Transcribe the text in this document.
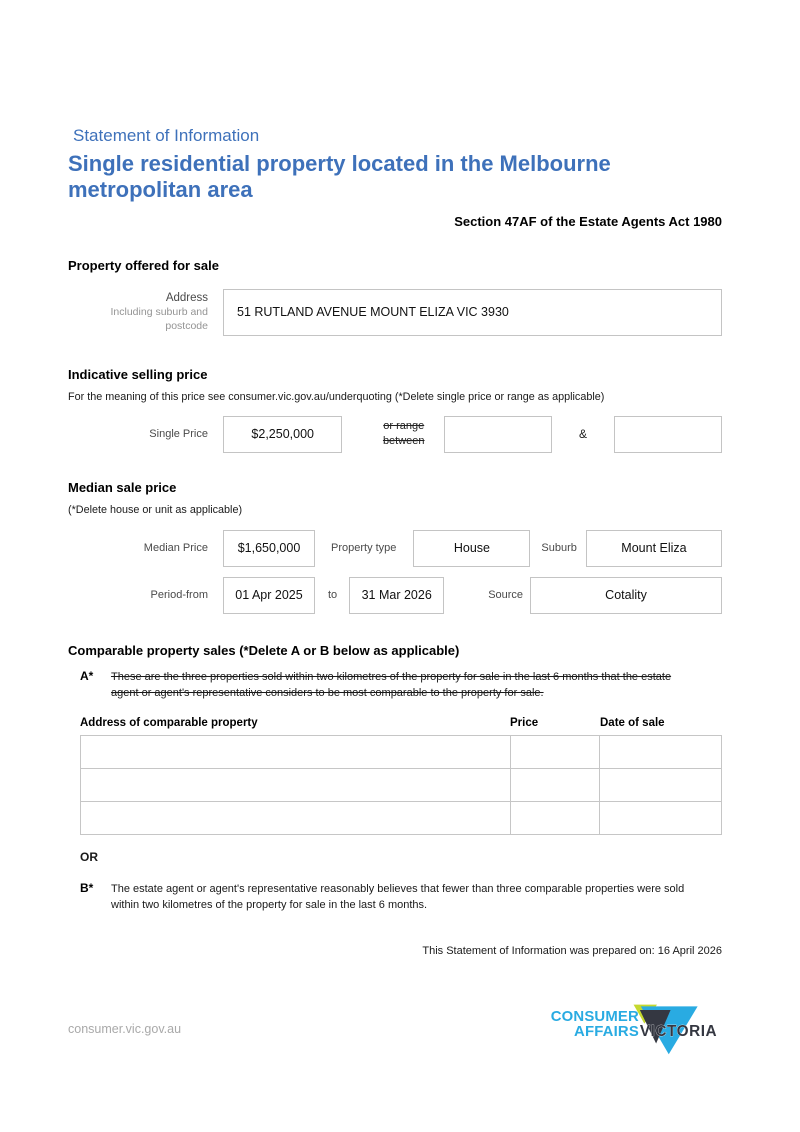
Statement of Information
Single residential property located in the Melbourne metropolitan area
Section 47AF of the Estate Agents Act 1980
Property offered for sale
Address
Including suburb and postcode
51 RUTLAND AVENUE MOUNT ELIZA VIC 3930
Indicative selling price
For the meaning of this price see consumer.vic.gov.au/underquoting (*Delete single price or range as applicable)
Single Price	$2,250,000
or range between	&
Median sale price
(*Delete house or unit as applicable)
Median Price	$1,650,000	Property type	House	Suburb	Mount Eliza
Period-from	01 Apr 2025	to	31 Mar 2026	Source	Cotality
Comparable property sales (*Delete A or B below as applicable)
A*	These are the three properties sold within two kilometres of the property for sale in the last 6 months that the estate agent or agent's representative considers to be most comparable to the property for sale.
Address of comparable property	Price	Date of sale
OR
B*	The estate agent or agent's representative reasonably believes that fewer than three comparable properties were sold within two kilometres of the property for sale in the last 6 months.
This Statement of Information was prepared on: 16 April 2026
consumer.vic.gov.au
CONSUMER
AFFAIRS VICTORIA
